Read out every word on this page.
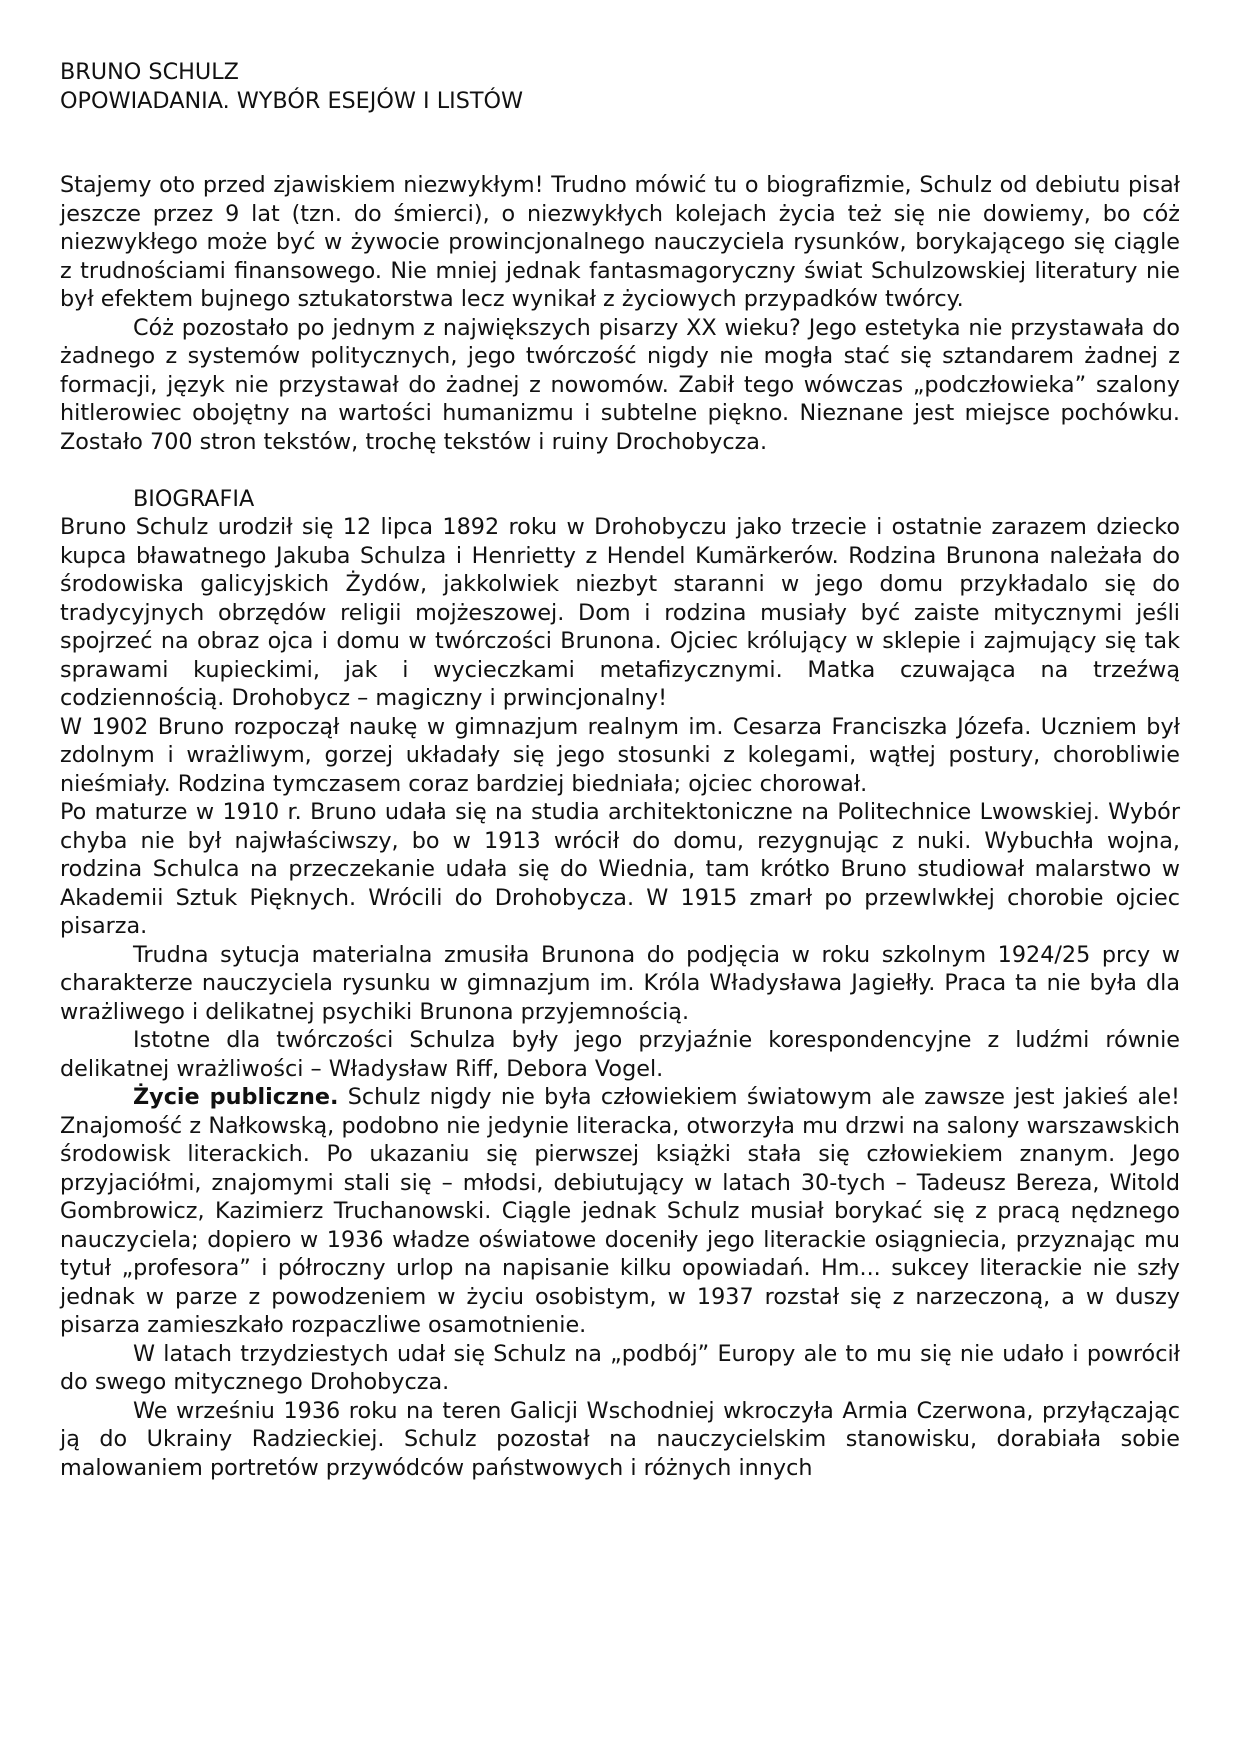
BRUNO SCHULZ
OPOWIADANIA. WYBÓR ESEJÓW I LISTÓW

Stajemy oto przed zjawiskiem niezwykłym! Trudno mówić tu o biografizmie, Schulz od debiutu pisał jeszcze przez 9 lat (tzn. do śmierci), o niezwykłych kolejach życia też się nie dowiemy, bo cóż niezwykłego może być w żywocie prowincjonalnego nauczyciela rysunków, borykającego się ciągle z trudnościami finansowego. Nie mniej jednak fantasmagoryczny świat Schulzowskiej literatury nie był efektem bujnego sztukatorstwa lecz wynikał z życiowych przypadków twórcy.

Cóż pozostało po jednym z największych pisarzy XX wieku? Jego estetyka nie przystawała do żadnego z systemów politycznych, jego twórczość nigdy nie mogła stać się sztandarem żadnej z formacji, język nie przystawał do żadnej z nowomów. Zabił tego wówczas „podczłowieka” szalony hitlerowiec obojętny na wartości humanizmu i subtelne piękno. Nieznane jest miejsce pochówku. Zostało 700 stron tekstów, trochę tekstów i ruiny Drochobycza.

BIOGRAFIA

Bruno Schulz urodził się 12 lipca 1892 roku w Drohobyczu jako trzecie i ostatnie zarazem dziecko kupca bławatnego Jakuba Schulza i Henrietty z Hendel Kumärkerów. Rodzina Brunona należała do środowiska galicyjskich Żydów, jakkolwiek niezbyt staranni w jego domu przykładalo się do tradycyjnych obrzędów religii mojżeszowej. Dom i rodzina musiały być zaiste mitycznymi jeśli spojrzeć na obraz ojca i domu w twórczości Brunona. Ojciec królujący w sklepie i zajmujący się tak sprawami kupieckimi, jak i wycieczkami metafizycznymi. Matka czuwająca na trzeźwą codziennością. Drohobycz – magiczny i prwincjonalny!

W 1902 Bruno rozpoczął naukę w gimnazjum realnym im. Cesarza Franciszka Józefa. Uczniem był zdolnym i wrażliwym, gorzej układały się jego stosunki z kolegami, wątłej postury, chorobliwie nieśmiały. Rodzina tymczasem coraz bardziej biedniała; ojciec chorował.

Po maturze w 1910 r. Bruno udała się na studia architektoniczne na Politechnice Lwowskiej. Wybór chyba nie był najwłaściwszy, bo w 1913 wrócił do domu, rezygnując z nuki. Wybuchła wojna, rodzina Schulca na przeczekanie udała się do Wiednia, tam krótko Bruno studiował malarstwo w Akademii Sztuk Pięknych. Wrócili do Drohobycza. W 1915 zmarł po przewlwkłej chorobie ojciec pisarza.

Trudna sytucja materialna zmusiła Brunona do podjęcia w roku szkolnym 1924/25 prcy w charakterze nauczyciela rysunku w gimnazjum im. Króla Władysława Jagiełły. Praca ta nie była dla wrażliwego i delikatnej psychiki Brunona przyjemnością.

Istotne dla twórczości Schulza były jego przyjaźnie korespondencyjne z ludźmi równie delikatnej wrażliwości – Władysław Riff, Debora Vogel.

Życie publiczne. Schulz nigdy nie była człowiekiem światowym ale zawsze jest jakieś ale! Znajomość z Nałkowską, podobno nie jedynie literacka, otworzyła mu drzwi na salony warszawskich środowisk literackich. Po ukazaniu się pierwszej książki stała się człowiekiem znanym. Jego przyjaciółmi, znajomymi stali się – młodsi, debiutujący w latach 30-tych – Tadeusz Bereza, Witold Gombrowicz, Kazimierz Truchanowski. Ciągle jednak Schulz musiał borykać się z pracą nędznego nauczyciela; dopiero w 1936 władze oświatowe doceniły jego literackie osiągniecia, przyznając mu tytuł „profesora” i półroczny urlop na napisanie kilku opowiadań. Hm... sukcey literackie nie szły jednak w parze z powodzeniem w życiu osobistym, w 1937 rozstał się z narzeczoną, a w duszy pisarza zamieszkało rozpaczliwe osamotnienie.

W latach trzydziestych udał się Schulz na „podbój” Europy ale to mu się nie udało i powrócił do swego mitycznego Drohobycza.

We wrześniu 1936 roku na teren Galicji Wschodniej wkroczyła Armia Czerwona, przyłączając ją do Ukrainy Radzieckiej. Schulz pozostał na nauczycielskim stanowisku, dorabiała sobie malowaniem portretów przywódców państwowych i różnych innych
